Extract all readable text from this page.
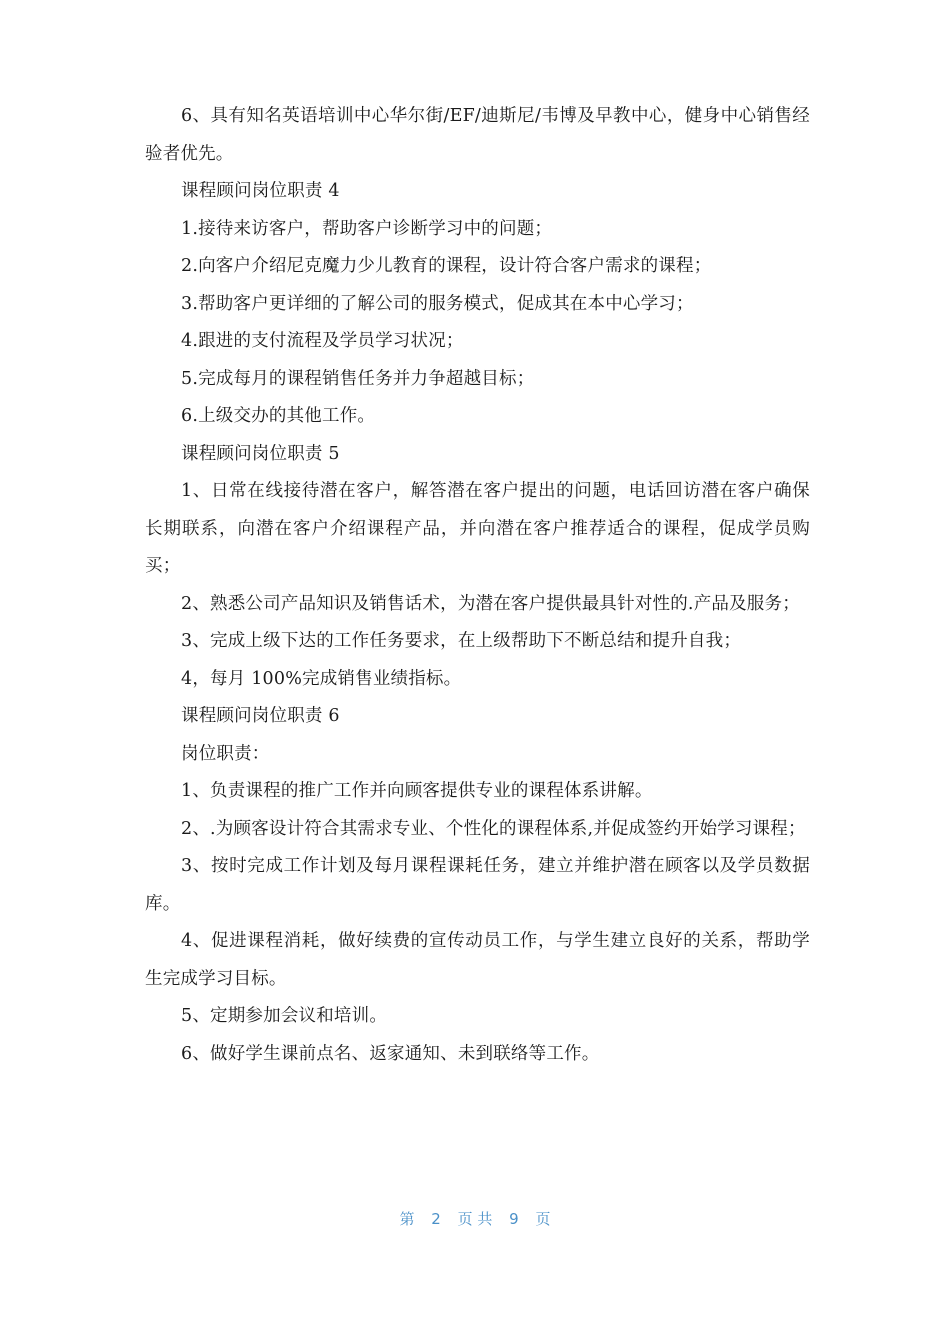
6、具有知名英语培训中心华尔街/EF/迪斯尼/韦博及早教中心，健身中心销售经验者优先。

课程顾问岗位职责 4

1.接待来访客户，帮助客户诊断学习中的问题；

2.向客户介绍尼克魔力少儿教育的课程，设计符合客户需求的课程；

3.帮助客户更详细的了解公司的服务模式，促成其在本中心学习；

4.跟进的支付流程及学员学习状况；

5.完成每月的课程销售任务并力争超越目标；

6.上级交办的其他工作。

课程顾问岗位职责 5

1、日常在线接待潜在客户，解答潜在客户提出的问题，电话回访潜在客户确保长期联系，向潜在客户介绍课程产品，并向潜在客户推荐适合的课程，促成学员购买；

2、熟悉公司产品知识及销售话术，为潜在客户提供最具针对性的.产品及服务；

3、完成上级下达的工作任务要求，在上级帮助下不断总结和提升自我；

4，每月 100%完成销售业绩指标。

课程顾问岗位职责 6

岗位职责：

1、负责课程的推广工作并向顾客提供专业的课程体系讲解。

2、.为顾客设计符合其需求专业、个性化的课程体系,并促成签约开始学习课程；

3、按时完成工作计划及每月课程课耗任务，建立并维护潜在顾客以及学员数据库。

4、促进课程消耗，做好续费的宣传动员工作，与学生建立良好的关系，帮助学生完成学习目标。

5、定期参加会议和培训。

6、做好学生课前点名、返家通知、未到联络等工作。

第 2 页 共 9 页
